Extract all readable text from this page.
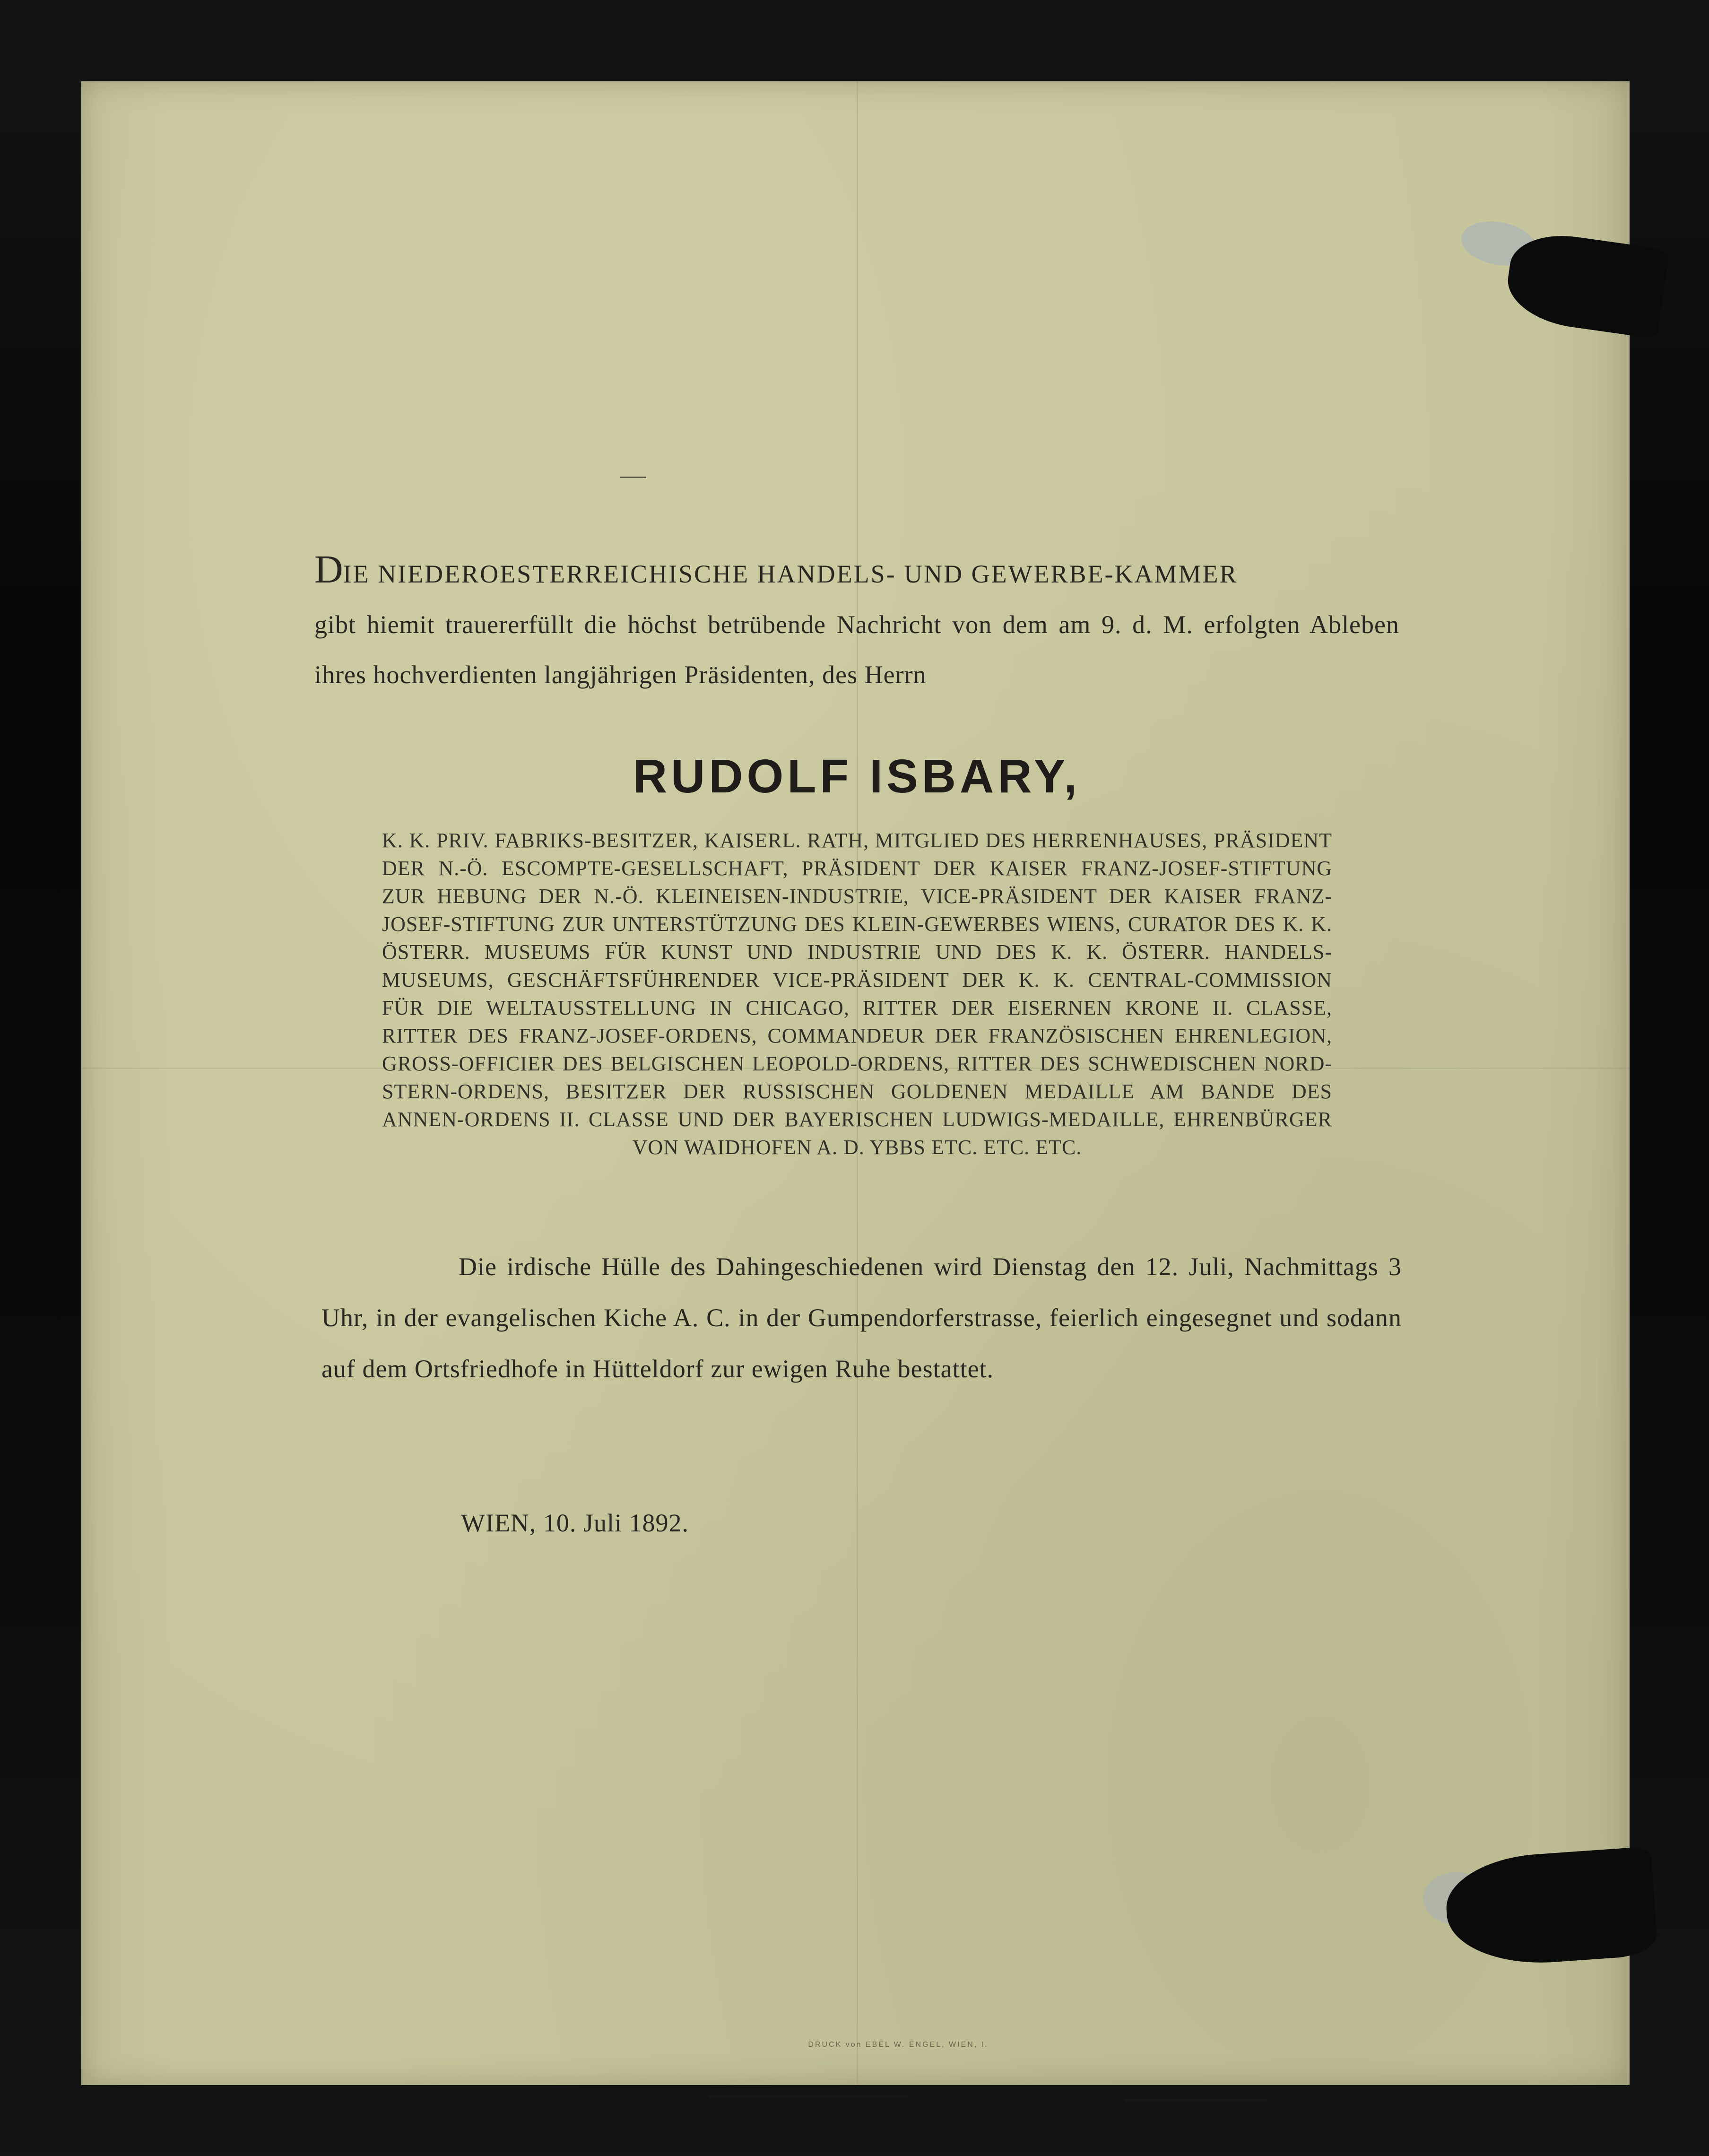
DIE NIEDEROESTERREICHISCHE HANDELS- UND GEWERBE-KAMMER

gibt hiemit trauererfüllt die höchst betrübende Nachricht von dem am 9. d. M. erfolgten Ableben ihres hochverdienten langjährigen Präsidenten, des Herrn

RUDOLF ISBARY,

K. K. PRIV. FABRIKS-BESITZER, KAISERL. RATH, MITGLIED DES HERRENHAUSES, PRÄSIDENT DER N.-Ö. ESCOMPTE-GESELLSCHAFT, PRÄSIDENT DER KAISER FRANZ-JOSEF-STIFTUNG ZUR HEBUNG DER N.-Ö. KLEINEISEN-INDUSTRIE, VICE-PRÄSIDENT DER KAISER FRANZ-JOSEF-STIFTUNG ZUR UNTERSTÜTZUNG DES KLEIN-GEWERBES WIENS, CURATOR DES K. K. ÖSTERR. MUSEUMS FÜR KUNST UND INDUSTRIE UND DES K. K. ÖSTERR. HANDELS-MUSEUMS, GESCHÄFTSFÜHRENDER VICE-PRÄSIDENT DER K. K. CENTRAL-COMMISSION FÜR DIE WELTAUSSTELLUNG IN CHICAGO, RITTER DER EISERNEN KRONE II. CLASSE, RITTER DES FRANZ-JOSEF-ORDENS, COMMANDEUR DER FRANZÖSISCHEN EHRENLEGION, GROSS-OFFICIER DES BELGISCHEN LEOPOLD-ORDENS, RITTER DES SCHWEDISCHEN NORD-STERN-ORDENS, BESITZER DER RUSSISCHEN GOLDENEN MEDAILLE AM BANDE DES ANNEN-ORDENS II. CLASSE UND DER BAYERISCHEN LUDWIGS-MEDAILLE, EHRENBÜRGER VON WAIDHOFEN A. D. YBBS ETC. ETC. ETC.

Die irdische Hülle des Dahingeschiedenen wird Dienstag den 12. Juli, Nachmittags 3 Uhr, in der evangelischen Kiche A. C. in der Gumpendorferstrasse, feierlich eingesegnet und sodann auf dem Ortsfriedhofe in Hütteldorf zur ewigen Ruhe bestattet.

WIEN, 10. Juli 1892.

DRUCK von EBEL W. ENGEL, WIEN, I.
